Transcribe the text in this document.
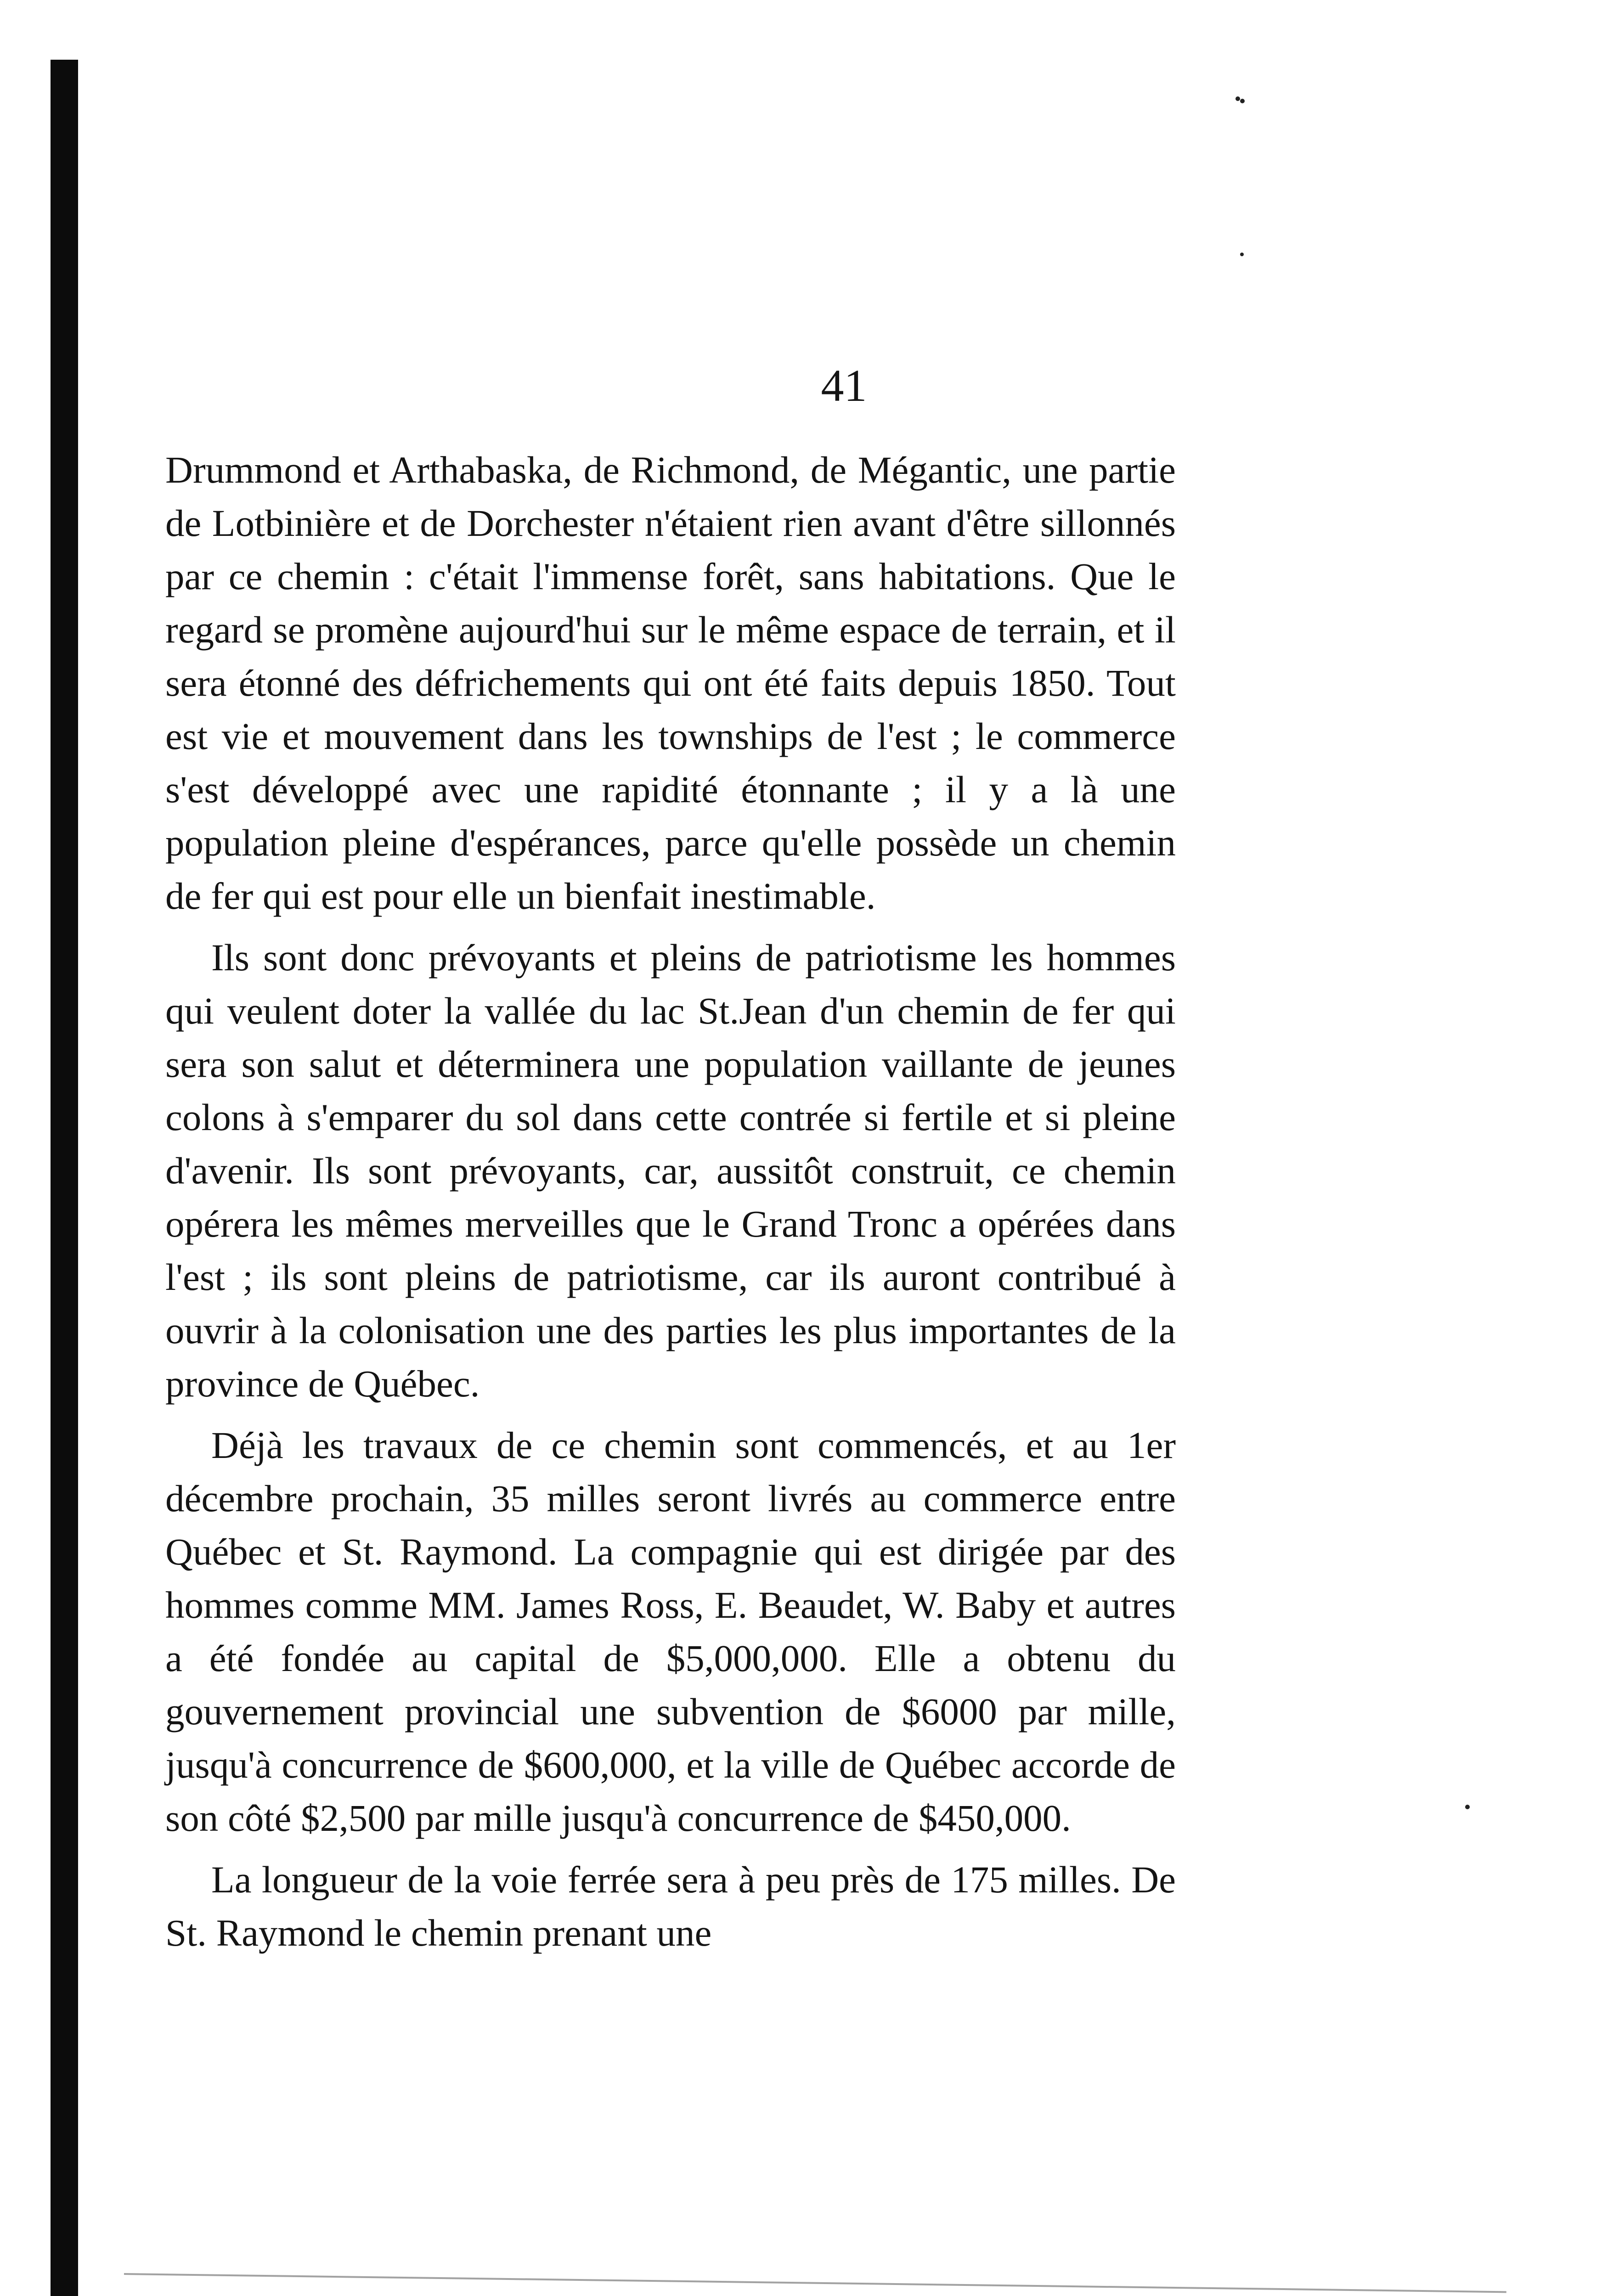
41

Drummond et Arthabaska, de Richmond, de Mégantic, une partie de Lotbinière et de Dorchester n'étaient rien avant d'être sillonnés par ce chemin : c'était l'immense forêt, sans habitations. Que le regard se promène aujourd'hui sur le même espace de terrain, et il sera étonné des défrichements qui ont été faits depuis 1850. Tout est vie et mouvement dans les townships de l'est ; le commerce s'est développé avec une rapidité étonnante ; il y a là une population pleine d'espérances, parce qu'elle possède un chemin de fer qui est pour elle un bienfait inestimable.

Ils sont donc prévoyants et pleins de patriotisme les hommes qui veulent doter la vallée du lac St.Jean d'un chemin de fer qui sera son salut et déterminera une population vaillante de jeunes colons à s'emparer du sol dans cette contrée si fertile et si pleine d'avenir. Ils sont prévoyants, car, aussitôt construit, ce chemin opérera les mêmes merveilles que le Grand Tronc a opérées dans l'est ; ils sont pleins de patriotisme, car ils auront contribué à ouvrir à la colonisation une des parties les plus importantes de la province de Québec.

Déjà les travaux de ce chemin sont commencés, et au 1er décembre prochain, 35 milles seront livrés au commerce entre Québec et St. Raymond. La compagnie qui est dirigée par des hommes comme MM. James Ross, E. Beaudet, W. Baby et autres a été fondée au capital de $5,000,000. Elle a obtenu du gouvernement provincial une subvention de $6000 par mille, jusqu'à concurrence de $600,000, et la ville de Québec accorde de son côté $2,500 par mille jusqu'à concurrence de $450,000.

La longueur de la voie ferrée sera à peu près de 175 milles. De St. Raymond le chemin prenant une
